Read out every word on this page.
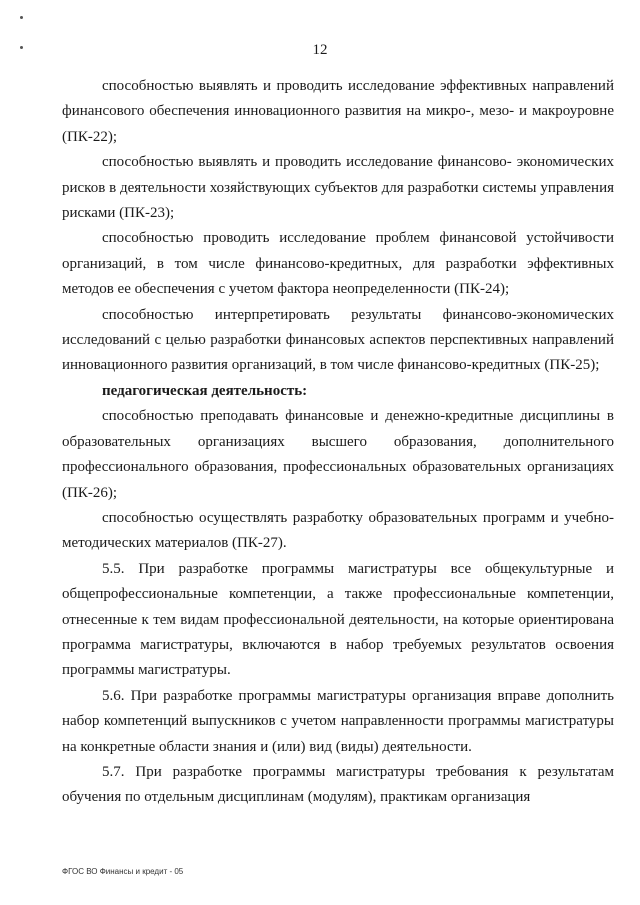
12

способностью выявлять и проводить исследование эффективных направлений финансового обеспечения инновационного развития на микро-, мезо- и макроуровне (ПК-22);

способностью выявлять и проводить исследование финансово- экономических рисков в деятельности хозяйствующих субъектов для разработки системы управления рисками (ПК-23);

способностью проводить исследование проблем финансовой устойчивости организаций, в том числе финансово-кредитных, для разработки эффективных методов ее обеспечения с учетом фактора неопределенности (ПК-24);

способностью интерпретировать результаты финансово-экономических исследований с целью разработки финансовых аспектов перспективных направлений инновационного развития организаций, в том числе финансово-кредитных (ПК-25);

педагогическая деятельность:

способностью преподавать финансовые и денежно-кредитные дисциплины в образовательных организациях высшего образования, дополнительного профессионального образования, профессиональных образовательных организациях (ПК-26);

способностью осуществлять разработку образовательных программ и учебно-методических материалов (ПК-27).

5.5. При разработке программы магистратуры все общекультурные и общепрофессиональные компетенции, а также профессиональные компетенции, отнесенные к тем видам профессиональной деятельности, на которые ориентирована программа магистратуры, включаются в набор требуемых результатов освоения программы магистратуры.

5.6. При разработке программы магистратуры организация вправе дополнить набор компетенций выпускников с учетом направленности программы магистратуры на конкретные области знания и (или) вид (виды) деятельности.

5.7. При разработке программы магистратуры требования к результатам обучения по отдельным дисциплинам (модулям), практикам организация

ФГОС ВО Финансы и кредит - 05
